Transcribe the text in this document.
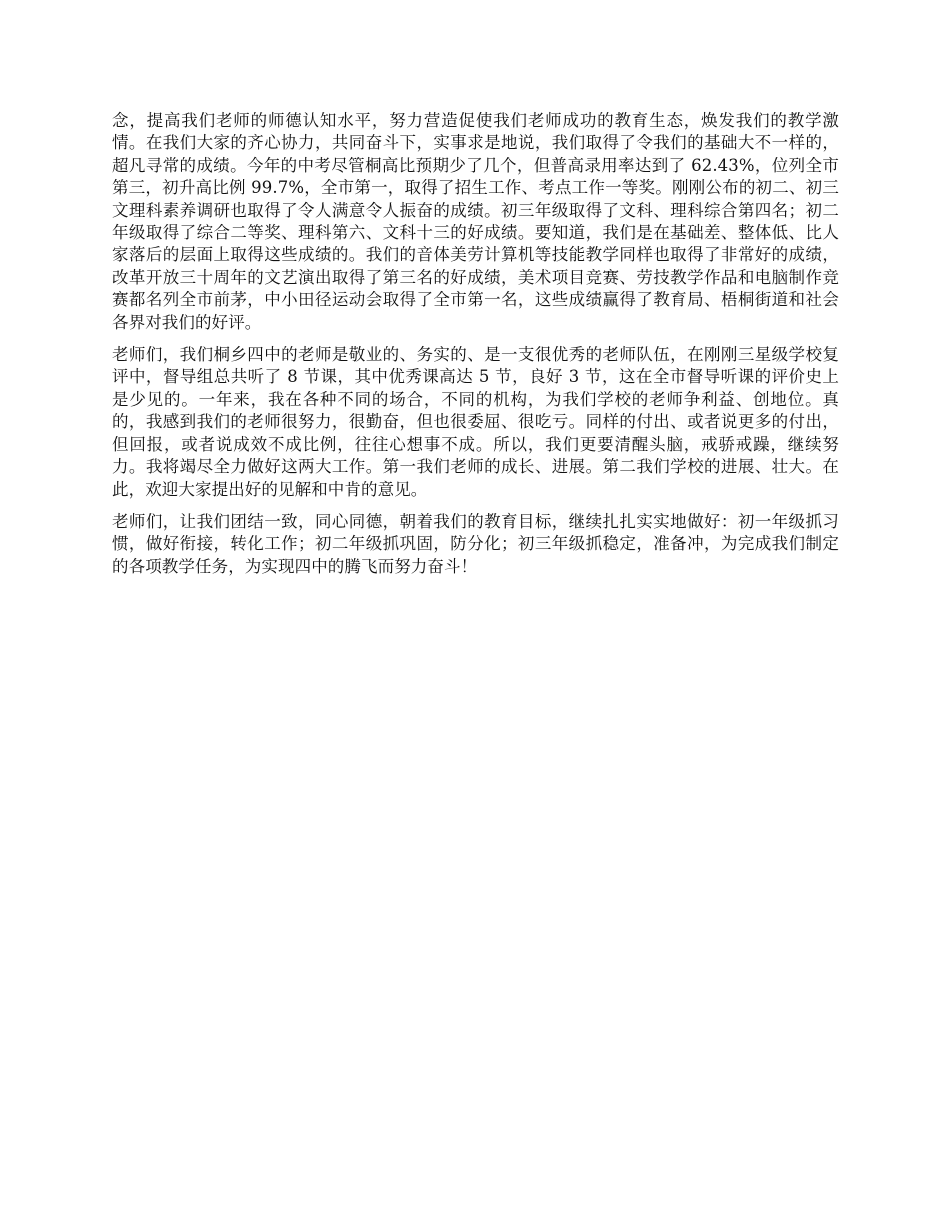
念，提高我们老师的师德认知水平，努力营造促使我们老师成功的教育生态，焕发我们的教学激情。在我们大家的齐心协力，共同奋斗下，实事求是地说，我们取得了令我们的基础大不一样的，超凡寻常的成绩。今年的中考尽管桐高比预期少了几个，但普高录用率达到了 62.43%，位列全市第三，初升高比例 99.7%，全市第一，取得了招生工作、考点工作一等奖。刚刚公布的初二、初三文理科素养调研也取得了令人满意令人振奋的成绩。初三年级取得了文科、理科综合第四名；初二年级取得了综合二等奖、理科第六、文科十三的好成绩。要知道，我们是在基础差、整体低、比人家落后的层面上取得这些成绩的。我们的音体美劳计算机等技能教学同样也取得了非常好的成绩，改革开放三十周年的文艺演出取得了第三名的好成绩，美术项目竞赛、劳技教学作品和电脑制作竞赛都名列全市前茅，中小田径运动会取得了全市第一名，这些成绩赢得了教育局、梧桐街道和社会各界对我们的好评。

老师们，我们桐乡四中的老师是敬业的、务实的、是一支很优秀的老师队伍，在刚刚三星级学校复评中，督导组总共听了 8 节课，其中优秀课高达 5 节，良好 3 节，这在全市督导听课的评价史上是少见的。一年来，我在各种不同的场合，不同的机构，为我们学校的老师争利益、创地位。真的，我感到我们的老师很努力，很勤奋，但也很委屈、很吃亏。同样的付出、或者说更多的付出，但回报，或者说成效不成比例，往往心想事不成。所以，我们更要清醒头脑，戒骄戒躁，继续努力。我将竭尽全力做好这两大工作。第一我们老师的成长、进展。第二我们学校的进展、壮大。在此，欢迎大家提出好的见解和中肯的意见。

老师们，让我们团结一致，同心同德，朝着我们的教育目标，继续扎扎实实地做好：初一年级抓习惯，做好衔接，转化工作；初二年级抓巩固，防分化；初三年级抓稳定，准备冲，为完成我们制定的各项教学任务，为实现四中的腾飞而努力奋斗！
